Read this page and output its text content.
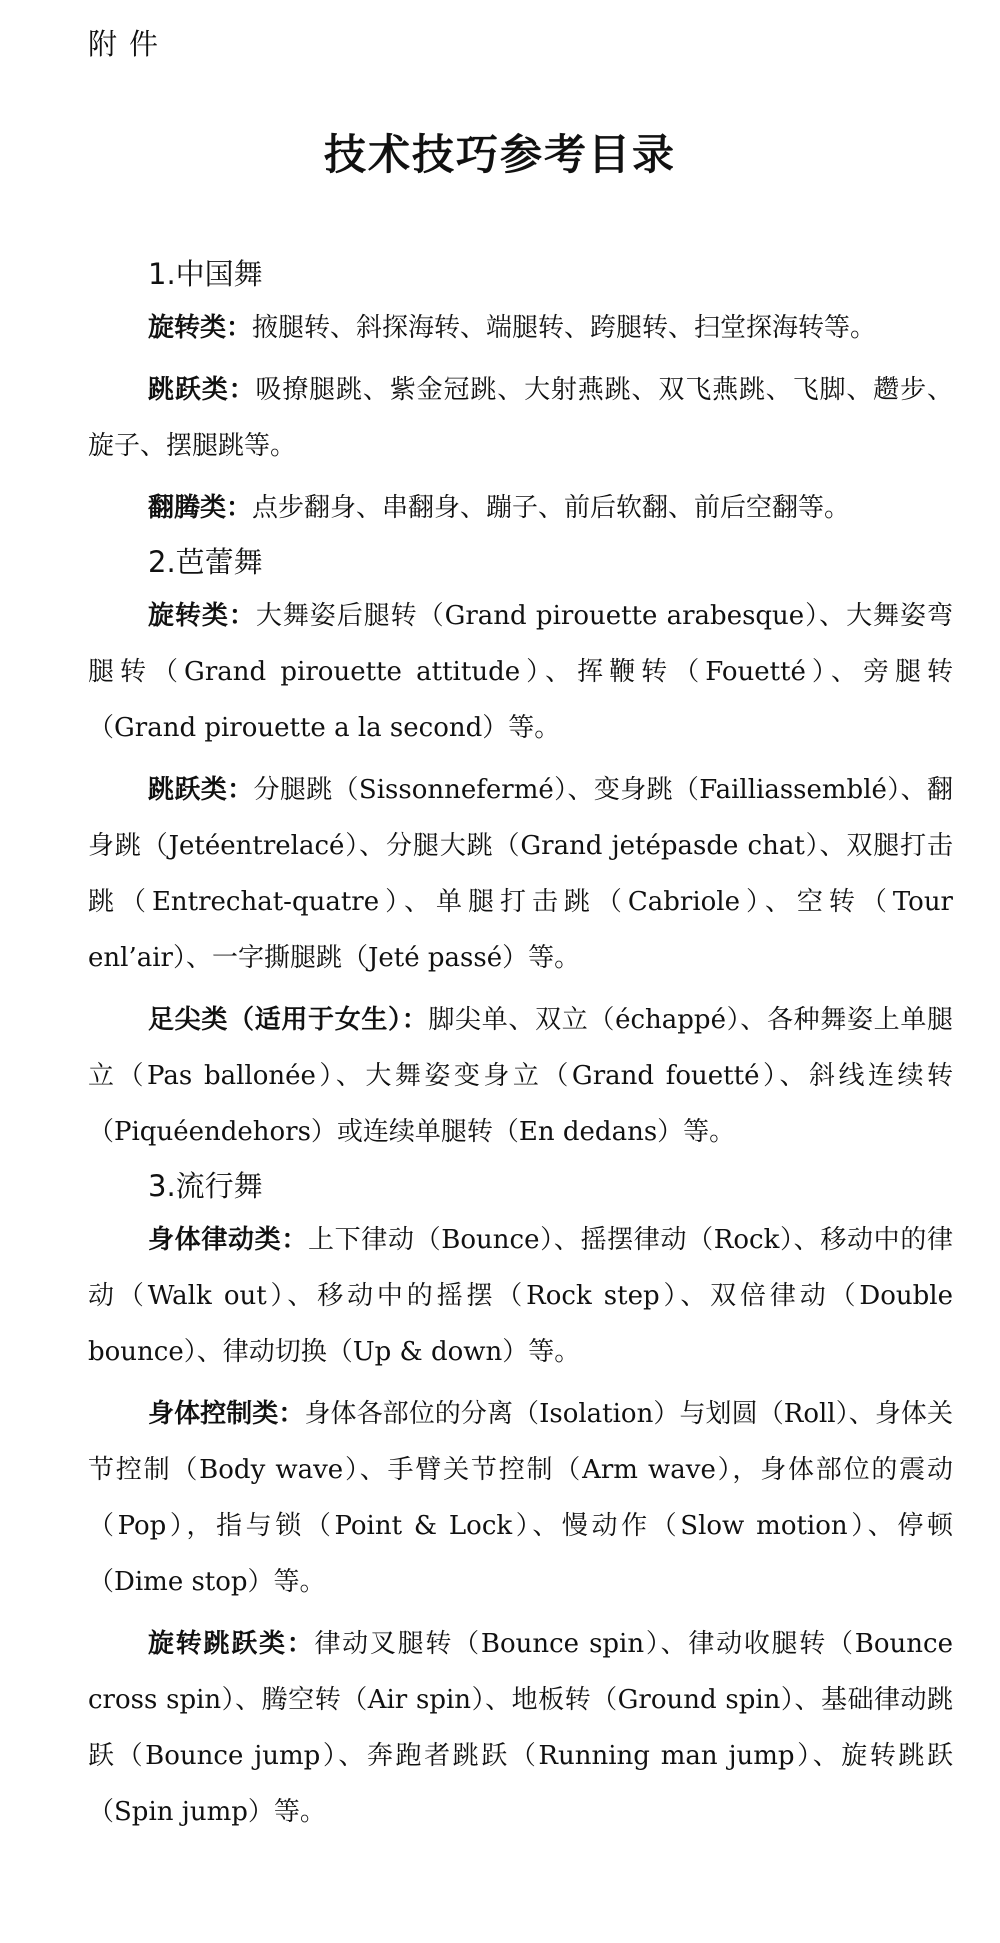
附件
技术技巧参考目录
1.中国舞

旋转类：掖腿转、斜探海转、端腿转、跨腿转、扫堂探海转等。

跳跃类：吸撩腿跳、紫金冠跳、大射燕跳、双飞燕跳、飞脚、趱步、旋子、摆腿跳等。

翻腾类：点步翻身、串翻身、蹦子、前后软翻、前后空翻等。

2.芭蕾舞

旋转类：大舞姿后腿转（Grand pirouette arabesque）、大舞姿弯腿转（Grand pirouette attitude）、挥鞭转（Fouetté）、旁腿转（Grand pirouette a la second）等。

跳跃类：分腿跳（Sissonnefermé）、变身跳（Failliassemblé）、翻身跳（Jetéentrelacé）、分腿大跳（Grand jetépasde chat）、双腿打击跳（Entrechat-quatre）、单腿打击跳（Cabriole）、空转（Tour enl’air）、一字撕腿跳（Jeté passé）等。

足尖类（适用于女生）：脚尖单、双立（échappé）、各种舞姿上单腿立（Pas ballonée）、大舞姿变身立（Grand fouetté）、斜线连续转（Piquéendehors）或连续单腿转（En dedans）等。

3.流行舞

身体律动类：上下律动（Bounce）、摇摆律动（Rock）、移动中的律动（Walk out）、移动中的摇摆（Rock step）、双倍律动（Double bounce）、律动切换（Up & down）等。

身体控制类：身体各部位的分离（Isolation）与划圆（Roll）、身体关节控制（Body wave）、手臂关节控制（Arm wave），身体部位的震动（Pop），指与锁（Point & Lock）、慢动作（Slow motion）、停顿（Dime stop）等。

旋转跳跃类：律动叉腿转（Bounce spin）、律动收腿转（Bounce cross spin）、腾空转（Air spin）、地板转（Ground spin）、基础律动跳跃（Bounce jump）、奔跑者跳跃（Running man jump）、旋转跳跃（Spin jump）等。
